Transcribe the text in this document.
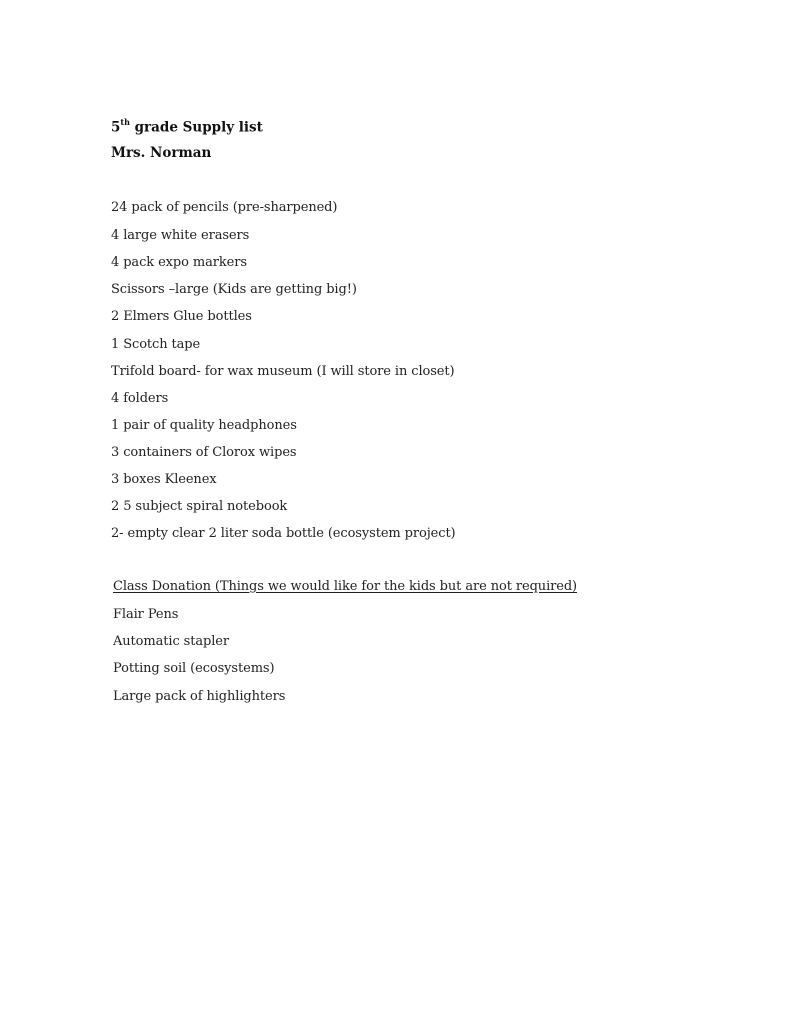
5th grade Supply list
Mrs. Norman
24 pack of pencils (pre-sharpened)
4 large white erasers
4 pack expo markers
Scissors –large (Kids are getting big!)
2 Elmers Glue bottles
1 Scotch tape
Trifold board- for wax museum (I will store in closet)
4 folders
1 pair of quality headphones
3 containers of Clorox wipes
3 boxes Kleenex
2 5 subject spiral notebook
2- empty clear 2 liter soda bottle (ecosystem project)
Class Donation (Things we would like for the kids but are not required)
Flair Pens
Automatic stapler
Potting soil (ecosystems)
Large pack of highlighters
